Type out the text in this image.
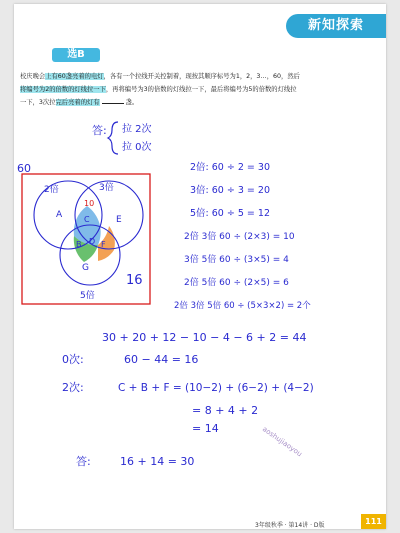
新知探索
选B
校庆晚会上有60盏亮着的电灯，各有一个拉线开关控制着，现按其顺序标号为1，2，3…，60，然后
将编号为2的倍数的灯线拉一下，再将编号为3的倍数的灯线拉一下，最后将编号为5的倍数的灯线拉
一下，3次拉完后亮着的灯有	盏。
答: 拉 2次
拉 0次
60
2倍	3倍
5倍
A	C
10
E
B D F
G
16
2倍: 60 ÷ 2 = 30
3倍: 60 ÷ 3 = 20
5倍: 60 ÷ 5 = 12
2倍 3倍 60 ÷ (2×3) = 10
3倍 5倍 60 ÷ (3×5) = 4
2倍 5倍 60 ÷ (2×5) = 6
2倍 3倍 5倍 60 ÷ (5×3×2) = 2个
30 + 20 + 12 − 10 − 4 − 6 + 2 = 44
0次:	60 − 44 = 16
2次:	C + B + F = (10−2) + (6−2) + (4−2)
= 8 + 4 + 2
= 14
答:	16 + 14 = 30
aoshujiaoyou
3年级秋季 · 第14讲 · D版	111
